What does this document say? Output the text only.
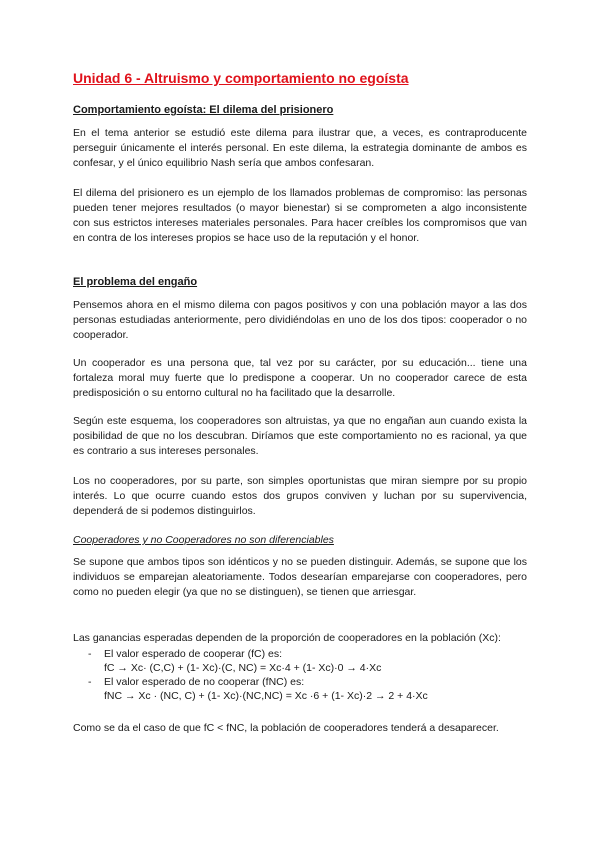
Unidad 6 - Altruismo y comportamiento no egoísta
Comportamiento egoísta: El dilema del prisionero
En el tema anterior se estudió este dilema para ilustrar que, a veces, es contraproducente perseguir únicamente el interés personal. En este dilema, la estrategia dominante de ambos es confesar, y el único equilibrio Nash sería que ambos confesaran.
El dilema del prisionero es un ejemplo de los llamados problemas de compromiso: las personas pueden tener mejores resultados (o mayor bienestar) si se comprometen a algo inconsistente con sus estrictos intereses materiales personales. Para hacer creíbles los compromisos que van en contra de los intereses propios se hace uso de la reputación y el honor.
El problema del engaño
Pensemos ahora en el mismo dilema con pagos positivos y con una población mayor a las dos personas estudiadas anteriormente, pero dividiéndolas en uno de los dos tipos: cooperador o no cooperador.
Un cooperador es una persona que, tal vez por su carácter, por su educación... tiene una fortaleza moral muy fuerte que lo predispone a cooperar. Un no cooperador carece de esta predisposición o su entorno cultural no ha facilitado que la desarrolle.
Según este esquema, los cooperadores son altruistas, ya que no engañan aun cuando exista la posibilidad de que no los descubran. Diríamos que este comportamiento no es racional, ya que es contrario a sus intereses personales.
Los no cooperadores, por su parte, son simples oportunistas que miran siempre por su propio interés. Lo que ocurre cuando estos dos grupos conviven y luchan por su supervivencia, dependerá de si podemos distinguirlos.
Cooperadores y no Cooperadores no son diferenciables
Se supone que ambos tipos son idénticos y no se pueden distinguir. Además, se supone que los individuos se emparejan aleatoriamente. Todos desearían emparejarse con cooperadores, pero como no pueden elegir (ya que no se distinguen), se tienen que arriesgar.
Las ganancias esperadas dependen de la proporción de cooperadores en la población (Xc):
- El valor esperado de cooperar (fC) es:
fC → Xc· (C,C) + (1- Xc)·(C, NC) = Xc·4 + (1- Xc)·0 → 4·Xc
- El valor esperado de no cooperar (fNC) es:
fNC → Xc · (NC, C) + (1- Xc)·(NC,NC) = Xc ·6 + (1- Xc)·2 → 2 + 4·Xc
Como se da el caso de que fC < fNC, la población de cooperadores tenderá a desaparecer.
